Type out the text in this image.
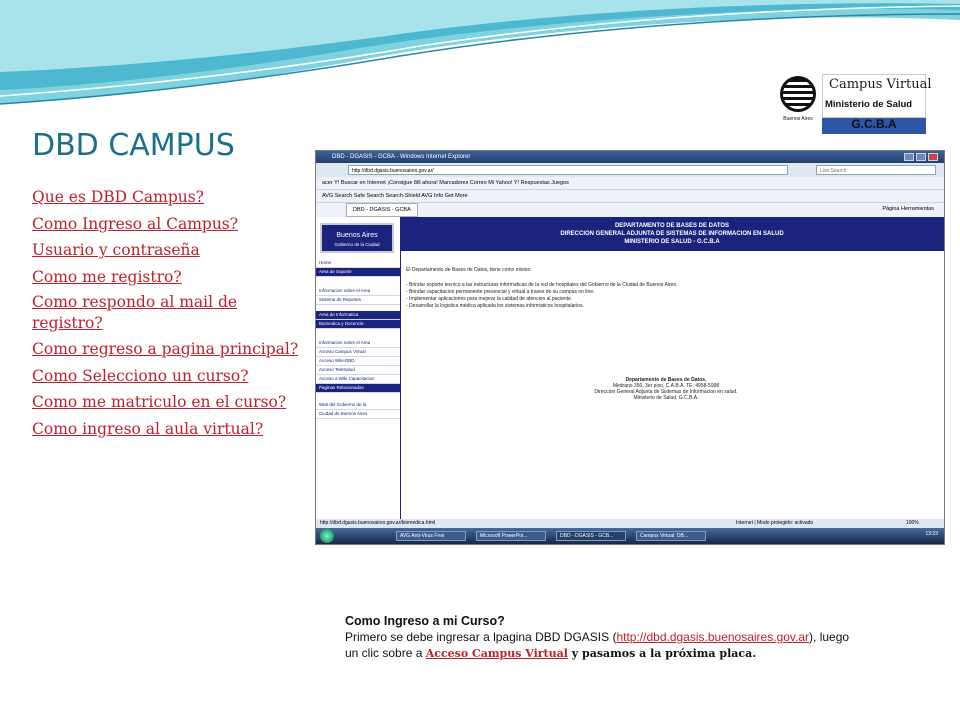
DBD CAMPUS
Que es DBD Campus?
Como Ingreso al Campus?
Usuario y contraseña
Como me registro?
Como respondo al mail de registro?
Como regreso a pagina principal?
Como Selecciono un curso?
Como me matriculo en el curso?
Como ingreso al aula virtual?
Buenos Aires
Campus Virtual
Ministerio de Salud
G.C.B.A
DBD - DGASIS - GCBA - Windows Internet Explorer
http://dbd.dgasis.buenosaires.gov.ar/	Live Search
acer Y! Buscar en Internet ¡Consigue 8ill ahora! Marcadores Correo Mi Yahoo! Y! Respuestas Juegos
AVG Search Safe Search Search-Shield AVG Info Get More
DBD - DGASIS - GCBA	Página Herramientas
Buenos Aires
Gobierno de la Ciudad
Home
Area de Soporte
Informacion sobre el Area
Sistema de Reportes
Area de Informatica
Biomedica y Docencia
Informacion sobre el Area
Acceso Campus Virtual
Acceso Wiki-DBD
Acceso TeleSalud
Acceso a Wiki Capacitacion
Paginas Relacionadas
Web del Gobierno de la
Ciudad de Buenos Aires
DEPARTAMENTO DE BASES DE DATOS
DIRECCION GENERAL ADJUNTA DE SISTEMAS DE INFORMACION EN SALUD
MINISTERIO DE SALUD - G.C.B.A
El Departamento de Bases de Datos, tiene como mision:
- Brindar soporte tecnico a las estructuras informaticas de la red de hospitales del Gobierno de la Ciudad de Buenos Aires.
- Brindar capacitacion permanente presencial y virtual a traves de su campus on line.
- Implementar aplicaciones para mejorar la calidad de atencion al paciente.
- Desarrollar la logistica médica aplicada los sistemas informaticos hospitalarios.
Departamento de Bases de Datos.
Medrano 350, 3er piso, C.A.B.A. TE: 4958-5998
Direccion General Adjunta de Sistemas de Informacion en salud.
Ministerio de Salud, G.C.B.A.
http://dbd.dgasis.buenosaires.gov.ar/biomedica.html	Internet | Modo protegido: activado	100%
AVG Anti-Virus Free	Microsoft PowerPoi...	DBD - DGASIS - GCB...	Campus Virtual: DB...	13:23
Como Ingreso a mi Curso?
Primero se debe ingresar a lpagina DBD DGASIS (http://dbd.dgasis.buenosaires.gov.ar), luego
un clic sobre a Acceso Campus Virtual y pasamos a la próxima placa.
